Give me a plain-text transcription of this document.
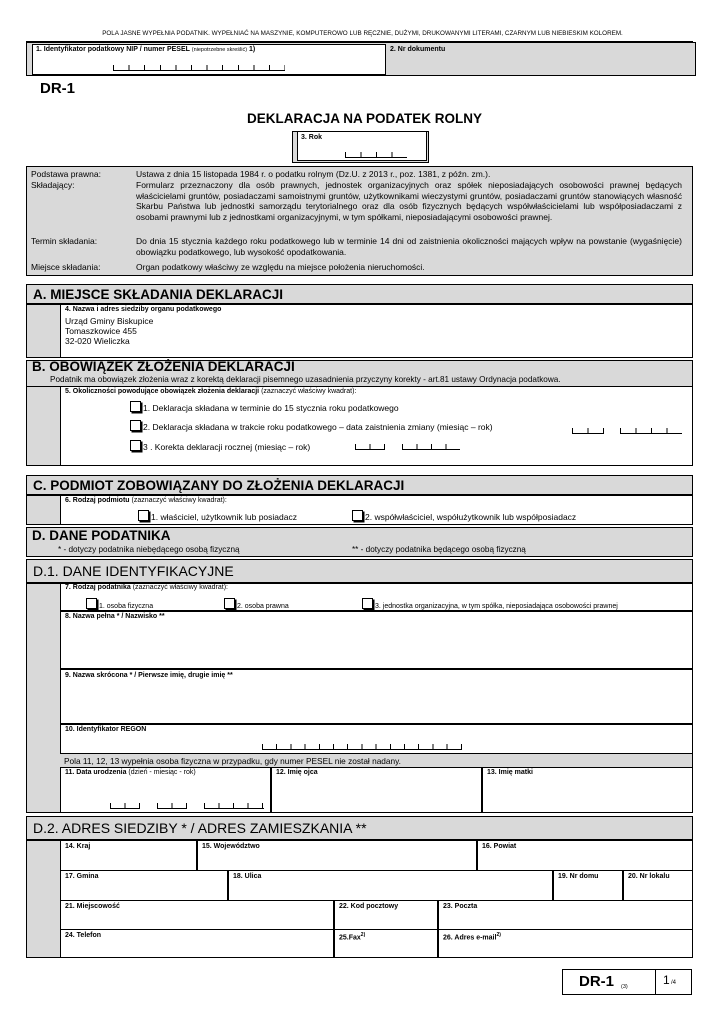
POLA JASNE WYPEŁNIA PODATNIK. WYPEŁNIAĆ NA MASZYNIE, KOMPUTEROWO LUB RĘCZNIE, DUŻYMI, DRUKOWANYMI LITERAMI, CZARNYM LUB NIEBIESKIM KOLOREM.
1. Identyfikator podatkowy NIP / numer PESEL (niepotrzebne skreślić) 1)	2. Nr dokumentu
DR-1
DEKLARACJA NA PODATEK ROLNY
3. Rok
Podstawa prawna:	Ustawa z dnia 15 listopada 1984 r. o podatku rolnym (Dz.U. z 2013 r., poz. 1381, z późn. zm.).
Składający:	Formularz przeznaczony dla osób prawnych, jednostek organizacyjnych oraz spółek nieposiadających osobowości prawnej będących właścicielami gruntów, posiadaczami samoistnymi gruntów, użytkownikami wieczystymi gruntów, posiadaczami gruntów stanowiących własność Skarbu Państwa lub jednostki samorządu terytorialnego oraz dla osób fizycznych będących współwłaścicielami lub współposiadaczami z osobami prawnymi lub z jednostkami organizacyjnymi, w tym spółkami, nieposiadającymi osobowości prawnej.
Termin składania:	Do dnia 15 stycznia każdego roku podatkowego lub w terminie 14 dni od zaistnienia okoliczności mających wpływ na powstanie (wygaśnięcie) obowiązku podatkowego, lub wysokość opodatkowania.
Miejsce składania:	Organ podatkowy właściwy ze względu na miejsce położenia nieruchomości.
A. MIEJSCE SKŁADANIA DEKLARACJI
4. Nazwa i adres siedziby organu podatkowego
Urząd Gminy Biskupice
Tomaszkowice 455
32-020 Wieliczka
B. OBOWIĄZEK ZŁOŻENIA DEKLARACJI
Podatnik ma obowiązek złożenia wraz z korektą deklaracji pisemnego uzasadnienia przyczyny korekty - art.81 ustawy Ordynacja podatkowa.
5. Okoliczności powodujące obowiązek złożenia deklaracji (zaznaczyć właściwy kwadrat):
1. Deklaracja składana w terminie do 15 stycznia roku podatkowego
2. Deklaracja składana w trakcie roku podatkowego – data zaistnienia zmiany (miesiąc – rok)
3 . Korekta deklaracji rocznej (miesiąc – rok)
C. PODMIOT ZOBOWIĄZANY DO ZŁOŻENIA DEKLARACJI
6. Rodzaj podmiotu (zaznaczyć właściwy kwadrat):
1. właściciel, użytkownik lub posiadacz	2. współwłaściciel, współużytkownik lub współposiadacz
D. DANE PODATNIKA
* - dotyczy podatnika niebędącego osobą fizyczną	** - dotyczy podatnika będącego osobą fizyczną
D.1. DANE IDENTYFIKACYJNE
7. Rodzaj podatnika (zaznaczyć właściwy kwadrat):
1. osoba fizyczna	2. osoba prawna	3. jednostka organizacyjna, w tym spółka, nieposiadająca osobowości prawnej
8. Nazwa pełna * / Nazwisko **
9. Nazwa skrócona * / Pierwsze imię, drugie imię **
10. Identyfikator REGON
Pola 11, 12, 13 wypełnia osoba fizyczna w przypadku, gdy numer PESEL nie został nadany.
11. Data urodzenia (dzień - miesiąc - rok)	12. Imię ojca	13. Imię matki
D.2. ADRES SIEDZIBY * / ADRES ZAMIESZKANIA **
14. Kraj	15. Województwo	16. Powiat
17. Gmina	18. Ulica	19. Nr domu	20. Nr lokalu
21. Miejscowość	22. Kod pocztowy	23. Poczta
24. Telefon	25.Fax$^{2)}$	26. Adres e-mail$^{2)}$
DR-1 (3)	1 /4
